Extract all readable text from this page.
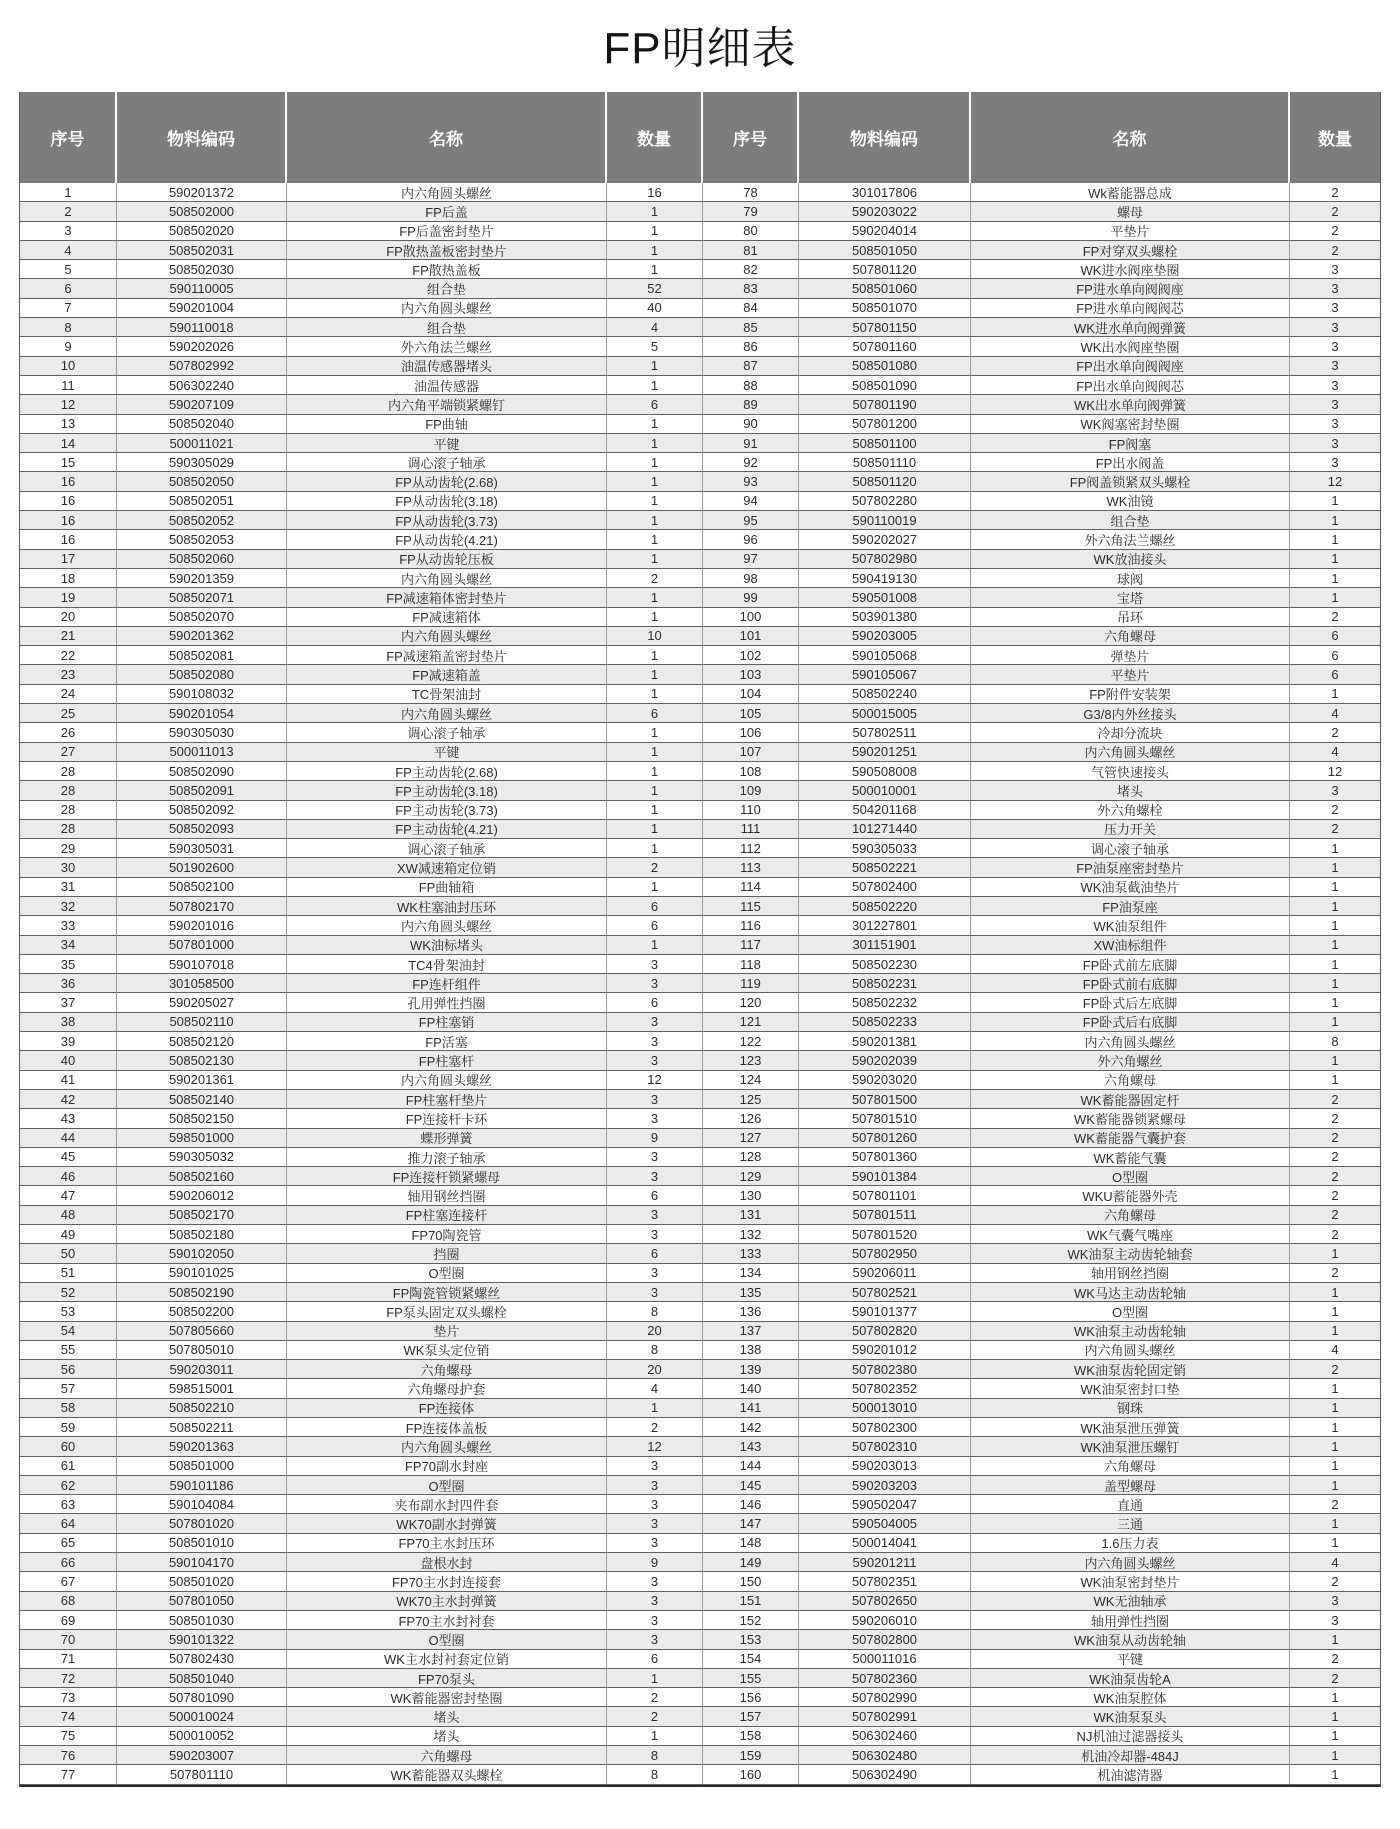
FP明细表
序号	物料编码	名称	数量	序号	物料编码	名称	数量
1	590201372	内六角圆头螺丝	16	78	301017806	Wk蓄能器总成	2
2	508502000	FP后盖	1	79	590203022	螺母	2
3	508502020	FP后盖密封垫片	1	80	590204014	平垫片	2
4	508502031	FP散热盖板密封垫片	1	81	508501050	FP对穿双头螺栓	2
5	508502030	FP散热盖板	1	82	507801120	WK进水阀座垫圈	3
6	590110005	组合垫	52	83	508501060	FP进水单向阀阀座	3
7	590201004	内六角圆头螺丝	40	84	508501070	FP进水单向阀阀芯	3
8	590110018	组合垫	4	85	507801150	WK进水单向阀弹簧	3
9	590202026	外六角法兰螺丝	5	86	507801160	WK出水阀座垫圈	3
10	507802992	油温传感器堵头	1	87	508501080	FP出水单向阀阀座	3
11	506302240	油温传感器	1	88	508501090	FP出水单向阀阀芯	3
12	590207109	内六角平端锁紧螺钉	6	89	507801190	WK出水单向阀弹簧	3
13	508502040	FP曲轴	1	90	507801200	WK阀塞密封垫圈	3
14	500011021	平键	1	91	508501100	FP阀塞	3
15	590305029	调心滚子轴承	1	92	508501110	FP出水阀盖	3
16	508502050	FP从动齿轮(2.68)	1	93	508501120	FP阀盖锁紧双头螺栓	12
16	508502051	FP从动齿轮(3.18)	1	94	507802280	WK油镜	1
16	508502052	FP从动齿轮(3.73)	1	95	590110019	组合垫	1
16	508502053	FP从动齿轮(4.21)	1	96	590202027	外六角法兰螺丝	1
17	508502060	FP从动齿轮压板	1	97	507802980	WK放油接头	1
18	590201359	内六角圆头螺丝	2	98	590419130	球阀	1
19	508502071	FP减速箱体密封垫片	1	99	590501008	宝塔	1
20	508502070	FP减速箱体	1	100	503901380	吊环	2
21	590201362	内六角圆头螺丝	10	101	590203005	六角螺母	6
22	508502081	FP减速箱盖密封垫片	1	102	590105068	弹垫片	6
23	508502080	FP减速箱盖	1	103	590105067	平垫片	6
24	590108032	TC骨架油封	1	104	508502240	FP附件安装架	1
25	590201054	内六角圆头螺丝	6	105	500015005	G3/8内外丝接头	4
26	590305030	调心滚子轴承	1	106	507802511	冷却分流块	2
27	500011013	平键	1	107	590201251	内六角圆头螺丝	4
28	508502090	FP主动齿轮(2.68)	1	108	590508008	气管快速接头	12
28	508502091	FP主动齿轮(3.18)	1	109	500010001	堵头	3
28	508502092	FP主动齿轮(3.73)	1	110	504201168	外六角螺栓	2
28	508502093	FP主动齿轮(4.21)	1	111	101271440	压力开关	2
29	590305031	调心滚子轴承	1	112	590305033	调心滚子轴承	1
30	501902600	XW减速箱定位销	2	113	508502221	FP油泵座密封垫片	1
31	508502100	FP曲轴箱	1	114	507802400	WK油泵截油垫片	1
32	507802170	WK柱塞油封压环	6	115	508502220	FP油泵座	1
33	590201016	内六角圆头螺丝	6	116	301227801	WK油泵组件	1
34	507801000	WK油标堵头	1	117	301151901	XW油标组件	1
35	590107018	TC4骨架油封	3	118	508502230	FP卧式前左底脚	1
36	301058500	FP连杆组件	3	119	508502231	FP卧式前右底脚	1
37	590205027	孔用弹性挡圈	6	120	508502232	FP卧式后左底脚	1
38	508502110	FP柱塞销	3	121	508502233	FP卧式后右底脚	1
39	508502120	FP活塞	3	122	590201381	内六角圆头螺丝	8
40	508502130	FP柱塞杆	3	123	590202039	外六角螺丝	1
41	590201361	内六角圆头螺丝	12	124	590203020	六角螺母	1
42	508502140	FP柱塞杆垫片	3	125	507801500	WK蓄能器固定杆	2
43	508502150	FP连接杆卡环	3	126	507801510	WK蓄能器锁紧螺母	2
44	598501000	蝶形弹簧	9	127	507801260	WK蓄能器气囊护套	2
45	590305032	推力滚子轴承	3	128	507801360	WK蓄能气囊	2
46	508502160	FP连接杆锁紧螺母	3	129	590101384	O型圈	2
47	590206012	轴用钢丝挡圈	6	130	507801101	WKU蓄能器外壳	2
48	508502170	FP柱塞连接杆	3	131	507801511	六角螺母	2
49	508502180	FP70陶瓷管	3	132	507801520	WK气囊气嘴座	2
50	590102050	挡圈	6	133	507802950	WK油泵主动齿轮轴套	1
51	590101025	O型圈	3	134	590206011	轴用钢丝挡圈	2
52	508502190	FP陶瓷管锁紧螺丝	3	135	507802521	WK马达主动齿轮轴	1
53	508502200	FP泵头固定双头螺栓	8	136	590101377	O型圈	1
54	507805660	垫片	20	137	507802820	WK油泵主动齿轮轴	1
55	507805010	WK泵头定位销	8	138	590201012	内六角圆头螺丝	4
56	590203011	六角螺母	20	139	507802380	WK油泵齿轮固定销	2
57	598515001	六角螺母护套	4	140	507802352	WK油泵密封口垫	1
58	508502210	FP连接体	1	141	500013010	钢珠	1
59	508502211	FP连接体盖板	2	142	507802300	WK油泵泄压弹簧	1
60	590201363	内六角圆头螺丝	12	143	507802310	WK油泵泄压螺钉	1
61	508501000	FP70副水封座	3	144	590203013	六角螺母	1
62	590101186	O型圈	3	145	590203203	盖型螺母	1
63	590104084	夹布副水封四件套	3	146	590502047	直通	2
64	507801020	WK70副水封弹簧	3	147	590504005	三通	1
65	508501010	FP70主水封压环	3	148	500014041	1.6压力表	1
66	590104170	盘根水封	9	149	590201211	内六角圆头螺丝	4
67	508501020	FP70主水封连接套	3	150	507802351	WK油泵密封垫片	2
68	507801050	WK70主水封弹簧	3	151	507802650	WK无油轴承	3
69	508501030	FP70主水封衬套	3	152	590206010	轴用弹性挡圈	3
70	590101322	O型圈	3	153	507802800	WK油泵从动齿轮轴	1
71	507802430	WK主水封衬套定位销	6	154	500011016	平键	2
72	508501040	FP70泵头	1	155	507802360	WK油泵齿轮A	2
73	507801090	WK蓄能器密封垫圈	2	156	507802990	WK油泵腔体	1
74	500010024	堵头	2	157	507802991	WK油泵泵头	1
75	500010052	堵头	1	158	506302460	NJ机油过滤器接头	1
76	590203007	六角螺母	8	159	506302480	机油冷却器-484J	1
77	507801110	WK蓄能器双头螺栓	8	160	506302490	机油滤清器	1
